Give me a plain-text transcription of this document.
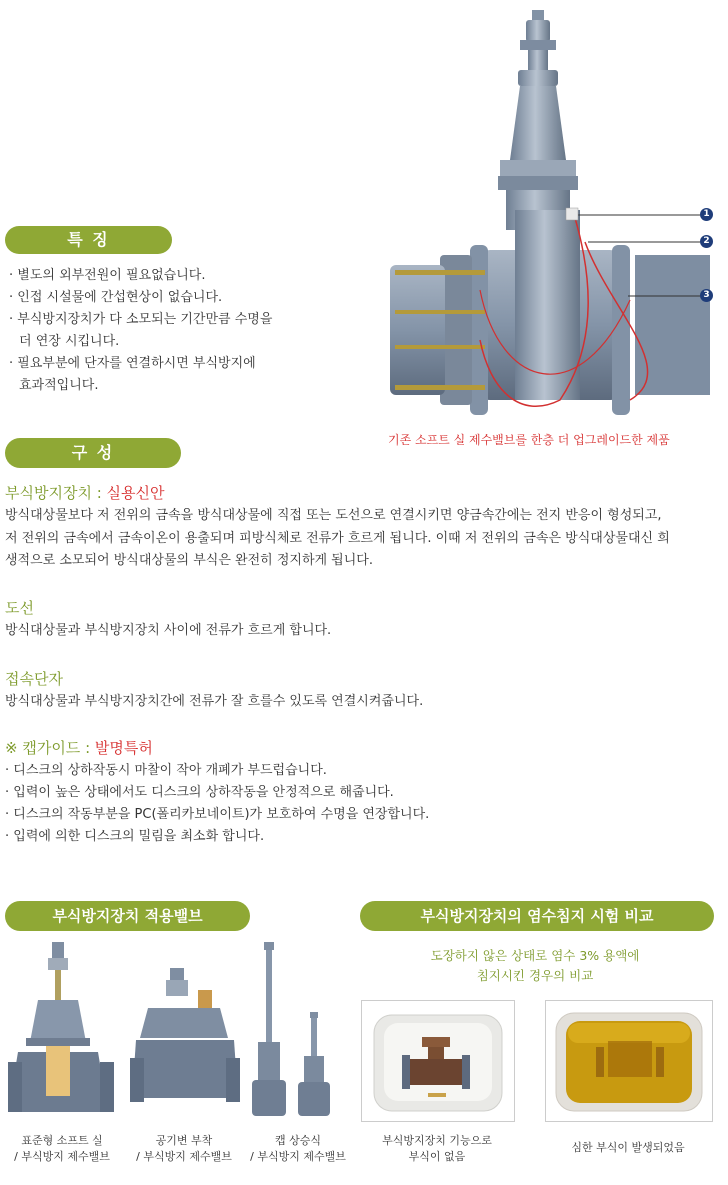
특 징
· 별도의 외부전원이 필요없습니다.
· 인접 시설물에 간섭현상이 없습니다.
· 부식방지장치가 다 소모되는 기간만큼 수명을
더 연장 시킵니다.
· 필요부분에 단자를 연결하시면 부식방지에
효과적입니다.
1
2
3
기존 소프트 실 제수밸브를 한층 더 업그레이드한 제품
구 성
부식방지장치 : 실용신안
방식대상물보다 저 전위의 금속을 방식대상물에 직접 또는 도선으로 연결시키면 양금속간에는 전지 반응이 형성되고, 저 전위의 금속에서 금속이온이 용출되며 피방식체로 전류가 흐르게 됩니다. 이때 저 전위의 금속은 방식대상물대신 희생적으로 소모되어 방식대상물의 부식은 완전히 정지하게 됩니다.
도선
방식대상물과 부식방지장치 사이에 전류가 흐르게 합니다.
접속단자
방식대상물과 부식방지장치간에 전류가 잘 흐를수 있도록 연결시켜줍니다.
※ 캡가이드 : 발명특허
· 디스크의 상하작동시 마찰이 작아 개폐가 부드럽습니다.
· 입력이 높은 상태에서도 디스크의 상하작동을 안정적으로 해줍니다.
· 디스크의 작동부분을 PC(폴리카보네이트)가 보호하여 수명을 연장합니다.
· 입력에 의한 디스크의 밀림을 최소화 합니다.
부식방지장치 적용밸브
표준형 소프트 실
/ 부식방지 제수밸브
공기변 부착
/ 부식방지 제수밸브
캡 상승식
/ 부식방지 제수밸브
부식방지장치의 염수침지 시험 비교
도장하지 않은 상태로 염수 3% 용액에
침지시킨 경우의 비교
부식방지장치 기능으로
부식이 없음
심한 부식이 발생되었음
